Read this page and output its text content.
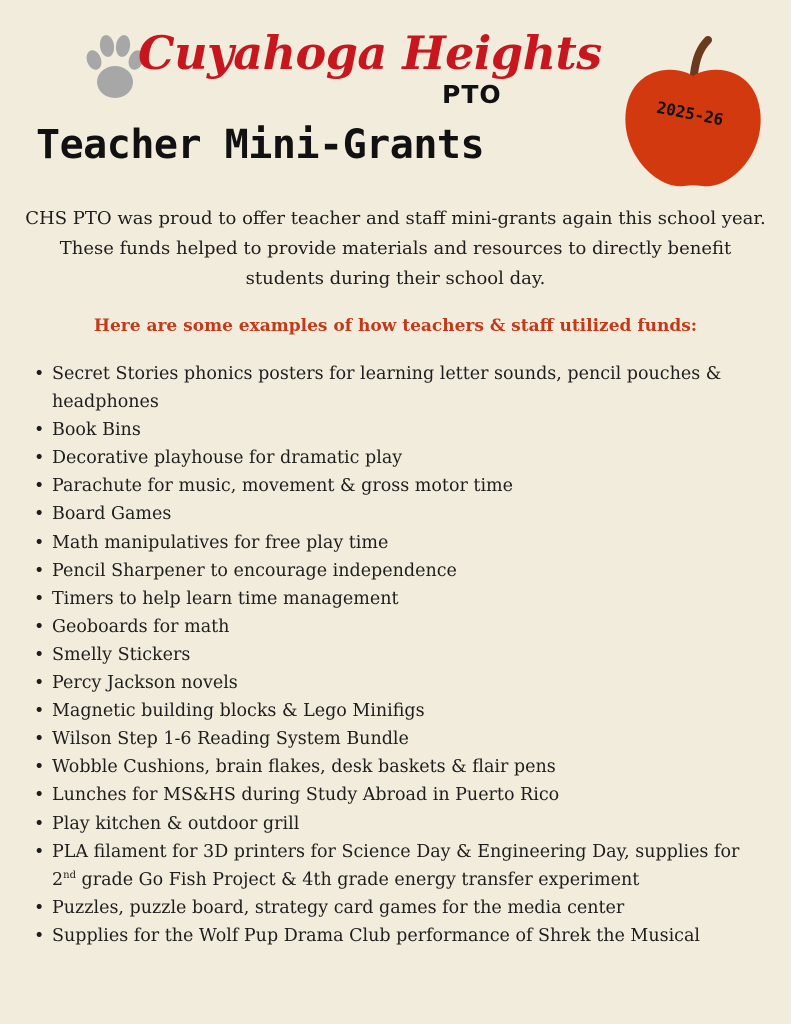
Cuyahoga Heights
PTO
2025-26
Teacher Mini-Grants

CHS PTO was proud to offer teacher and staff mini-grants again this school year. These funds helped to provide materials and resources to directly benefit students during their school day.

Here are some examples of how teachers & staff utilized funds:
• Secret Stories phonics posters for learning letter sounds, pencil pouches & headphones
• Book Bins
• Decorative playhouse for dramatic play
• Parachute for music, movement & gross motor time
• Board Games
• Math manipulatives for free play time
• Pencil Sharpener to encourage independence
• Timers to help learn time management
• Geoboards for math
• Smelly Stickers
• Percy Jackson novels
• Magnetic building blocks & Lego Minifigs
• Wilson Step 1-6 Reading System Bundle
• Wobble Cushions, brain flakes, desk baskets & flair pens
• Lunches for MS&HS during Study Abroad in Puerto Rico
• Play kitchen & outdoor grill
• PLA filament for 3D printers for Science Day & Engineering Day, supplies for 2nd grade Go Fish Project & 4th grade energy transfer experiment
• Puzzles, puzzle board, strategy card games for the media center
• Supplies for the Wolf Pup Drama Club performance of Shrek the Musical
